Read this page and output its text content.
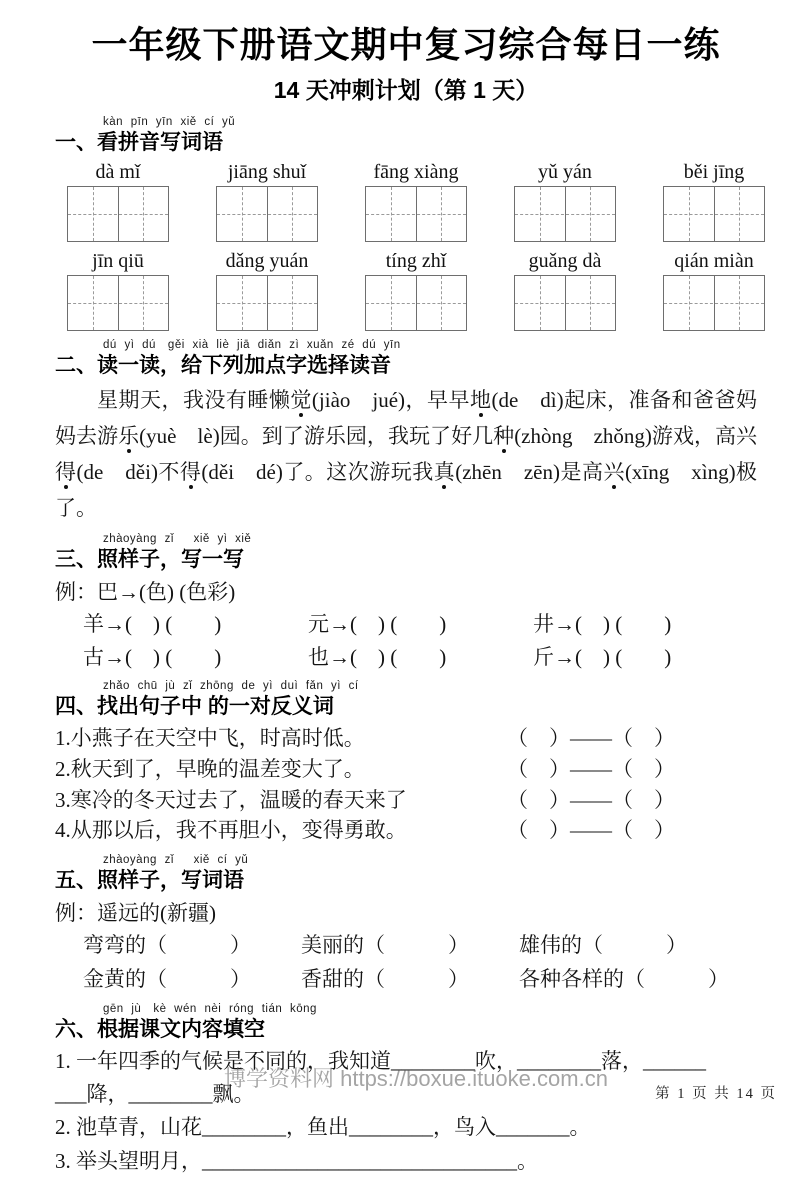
一年级下册语文期中复习综合每日一练
14 天冲刺计划（第 1 天）
kàn pīn yīn xiě cí yǔ
一、看拼音写词语
dà mǐ	jiāng shuǐ	fāng xiàng	yǔ yán	běi jīng
jīn qiū	dǎng yuán	tíng zhǐ	guǎng dà	qián miàn
dú yì dú　gěi xià liè jiā diǎn zì xuǎn zé dú yīn
二、读一读，给下列加点字选择读音

星期天，我没有睡懒觉(jiào　jué)，早早地(de　dì)起床，准备和爸爸妈妈去游乐(yuè　lè)园。到了游乐园，我玩了好几种(zhòng　zhǒng)游戏，高兴得(de　děi)不得(děi　dé)了。这次游玩我真(zhēn　zēn)是高兴(xīng　xìng)极了。

zhàoyàng zǐ　 xiě yì xiě
三、照样子，写一写
例：巴→(色) (色彩)
羊→(　) (　　)	元→(　) (　　)	井→(　) (　　)
古→(　) (　　)	也→(　) (　　)	斤→(　) (　　)
zhǎo chū jù zǐ zhōng de yì duì fǎn yì cí
四、找出句子中 的一对反义词
1.小燕子在天空中飞，时高时低。	（　）——（　）
2.秋天到了，早晚的温差变大了。	（　）——（　）
3.寒冷的冬天过去了，温暖的春天来了	（　）——（　）
4.从那以后，我不再胆小，变得勇敢。	（　）——（　）
zhàoyàng zǐ　 xiě cí yǔ
五、照样子，写词语
例：遥远的(新疆)
弯弯的（　　　）	美丽的（　　　）	雄伟的（　　　）
金黄的（　　　）	香甜的（　　　）	各种各样的（　　　）
gēn jù　kè wén nèi róng tián kōng
六、根据课文内容填空
1. 一年四季的气候是不同的，我知道________吹，________落，______
___降，________飘。
2. 池草青，山花________，鱼出________，鸟入_______。
3. 举头望明月，______________________________。
博学资料网 https://boxue.ituoke.com.cn
第 1 页 共 14 页
